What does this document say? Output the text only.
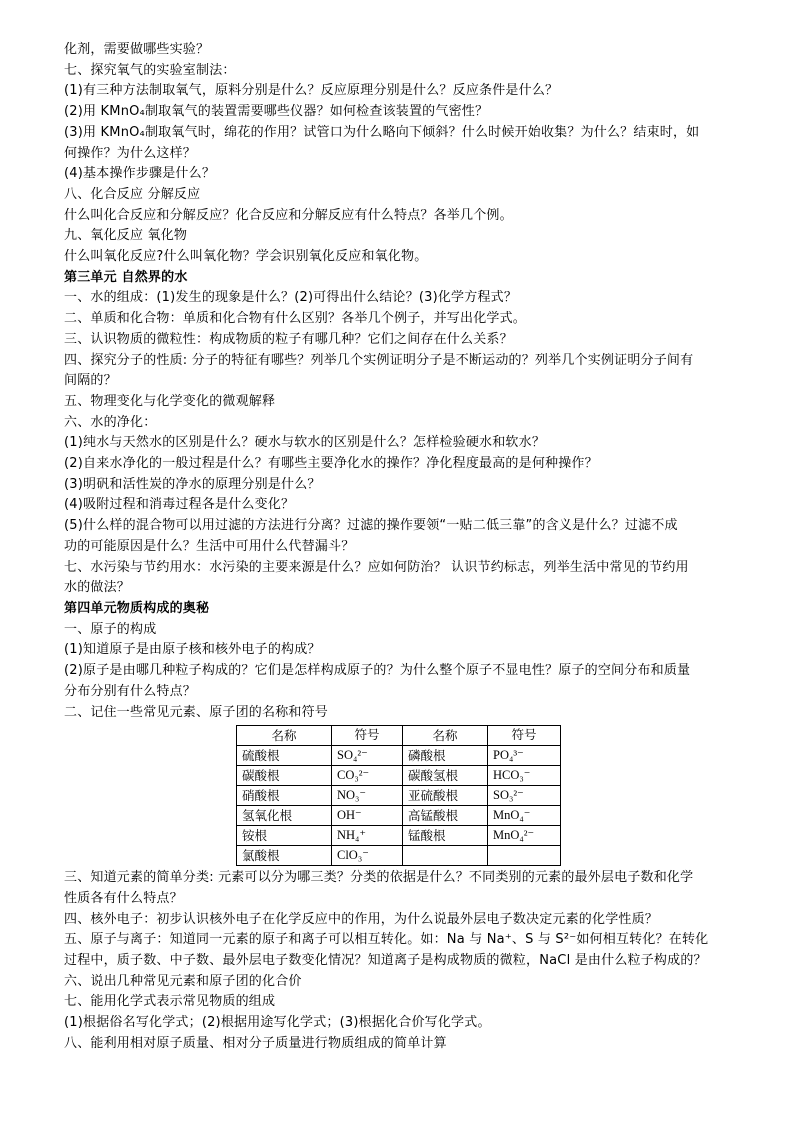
化剂，需要做哪些实验？
七、探究氧气的实验室制法：
(1)有三种方法制取氧气，原料分别是什么？反应原理分别是什么？反应条件是什么？
(2)用 KMnO₄制取氧气的装置需要哪些仪器？如何检查该装置的气密性？
(3)用 KMnO₄制取氧气时，绵花的作用？试管口为什么略向下倾斜？什么时候开始收集？为什么？结束时，如
何操作？为什么这样？
(4)基本操作步骤是什么？
八、化合反应 分解反应
什么叫化合反应和分解反应？化合反应和分解反应有什么特点？各举几个例。
九、氧化反应 氧化物
什么叫氧化反应?什么叫氧化物？学会识别氧化反应和氧化物。
第三单元 自然界的水
一、水的组成：(1)发生的现象是什么？(2)可得出什么结论？(3)化学方程式？
二、单质和化合物：单质和化合物有什么区别？各举几个例子，并写出化学式。
三、认识物质的微粒性：构成物质的粒子有哪几种？它们之间存在什么关系？
四、探究分子的性质: 分子的特征有哪些？列举几个实例证明分子是不断运动的？列举几个实例证明分子间有
间隔的？
五、物理变化与化学变化的微观解释
六、水的净化：
(1)纯水与天然水的区别是什么？硬水与软水的区别是什么？怎样检验硬水和软水？
(2)自来水净化的一般过程是什么？有哪些主要净化水的操作？净化程度最高的是何种操作？
(3)明矾和活性炭的净水的原理分别是什么？
(4)吸附过程和消毒过程各是什么变化？
(5)什么样的混合物可以用过滤的方法进行分离？过滤的操作要领“一贴二低三靠”的含义是什么？过滤不成
功的可能原因是什么？生活中可用什么代替漏斗？
七、水污染与节约用水：水污染的主要来源是什么？应如何防治？ 认识节约标志，列举生活中常见的节约用
水的做法？
第四单元物质构成的奥秘
一、原子的构成
(1)知道原子是由原子核和核外电子的构成？
(2)原子是由哪几种粒子构成的？它们是怎样构成原子的？为什么整个原子不显电性？原子的空间分布和质量
分布分别有什么特点？
二、记住一些常见元素、原子团的名称和符号
名称	符号	名称	符号
硫酸根	SO₄²⁻	磷酸根	PO₄³⁻
碳酸根	CO₃²⁻	碳酸氢根	HCO₃⁻
硝酸根	NO₃⁻	亚硫酸根	SO₃²⁻
氢氧化根	OH⁻	高锰酸根	MnO₄⁻
铵根	NH₄⁺	锰酸根	MnO₄²⁻
氯酸根	ClO₃⁻		
三、知道元素的简单分类: 元素可以分为哪三类？分类的依据是什么？不同类别的元素的最外层电子数和化学
性质各有什么特点？
四、核外电子：初步认识核外电子在化学反应中的作用，为什么说最外层电子数决定元素的化学性质？
五、原子与离子：知道同一元素的原子和离子可以相互转化。如：Na 与 Na⁺、S 与 S²⁻如何相互转化？在转化
过程中，质子数、中子数、最外层电子数变化情况？知道离子是构成物质的微粒，NaCl 是由什么粒子构成的？
六、说出几种常见元素和原子团的化合价
七、能用化学式表示常见物质的组成
(1)根据俗名写化学式；(2)根据用途写化学式；(3)根据化合价写化学式。
八、能利用相对原子质量、相对分子质量进行物质组成的简单计算
